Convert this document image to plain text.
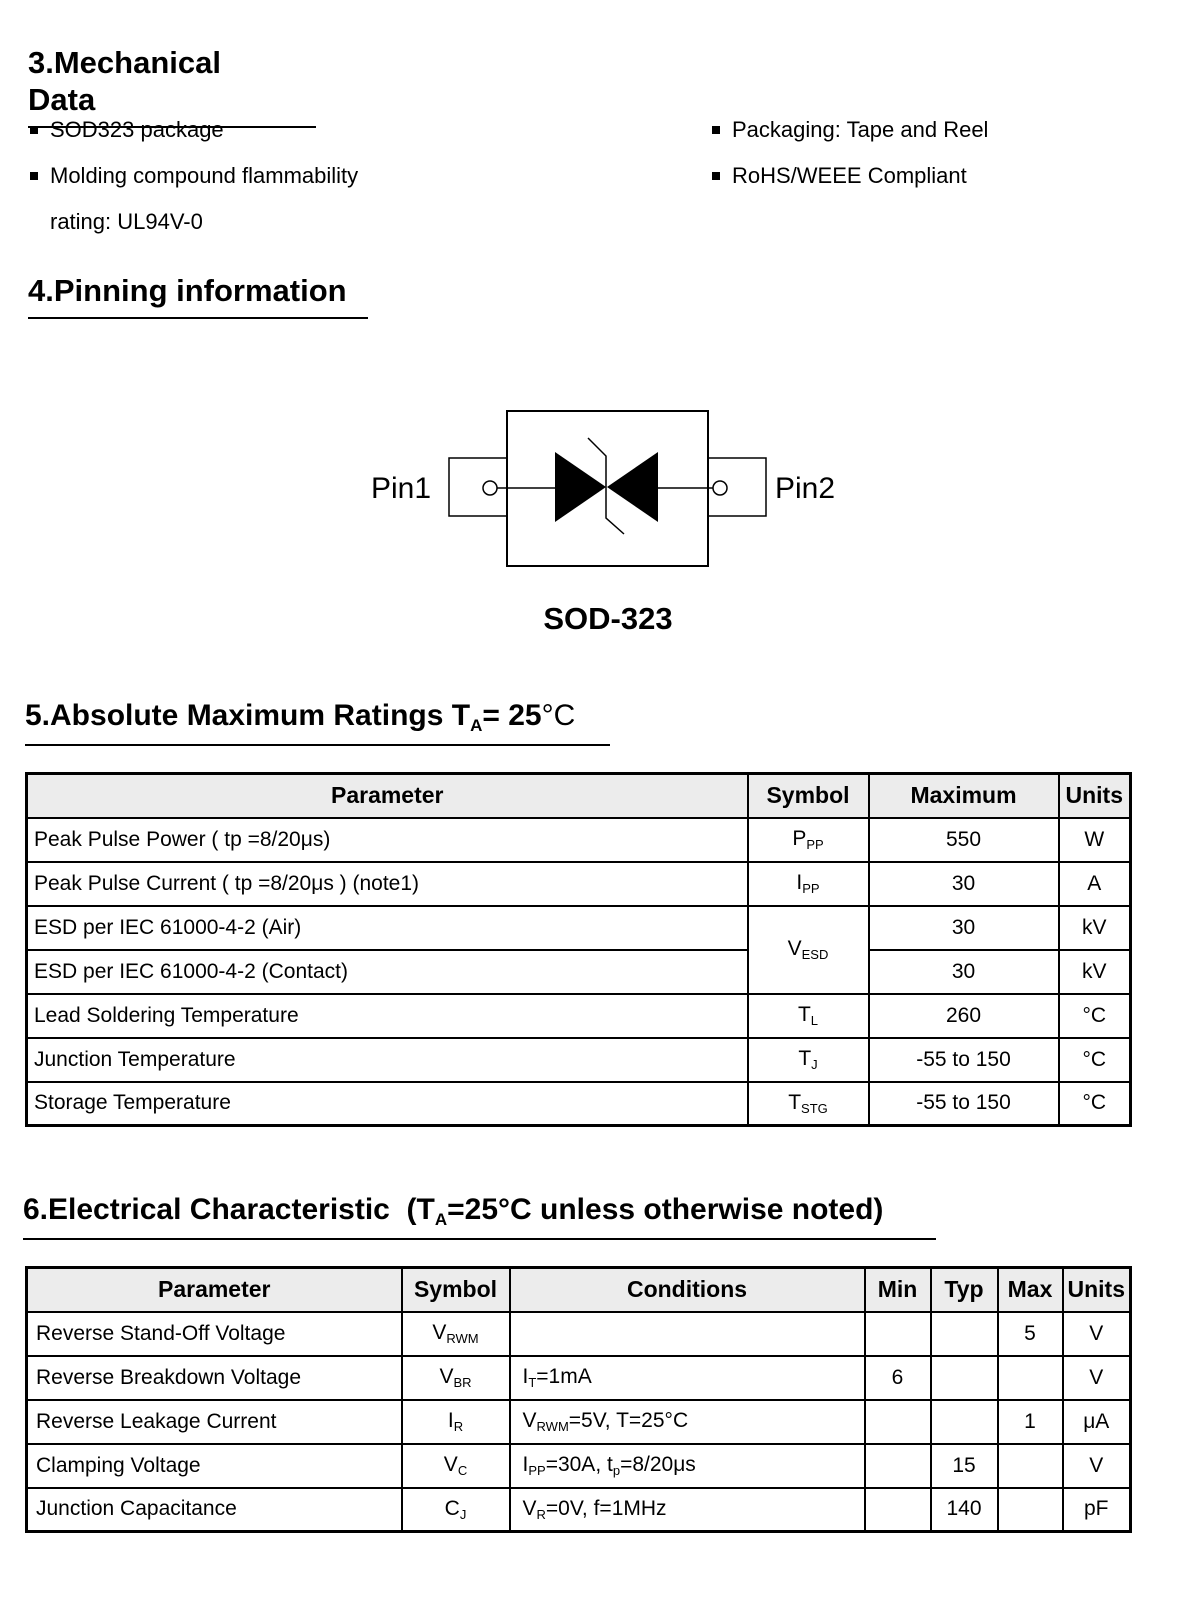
3.Mechanical Data
SOD323 package
Molding compound flammability
rating: UL94V-0
Packaging: Tape and Reel
RoHS/WEEE Compliant
4.Pinning information
Pin1	Pin2
SOD-323
5.Absolute Maximum Ratings $T_A= 25^\circ C$
Parameter	Symbol	Maximum	Units
Peak Pulse Power ( tp =8/20μs)	$P_{PP}$	550	W
Peak Pulse Current ( tp =8/20μs ) (note1)	$I_{PP}$	30	A
ESD per IEC 61000-4-2 (Air)	$V_{ESD}$	30	kV
ESD per IEC 61000-4-2 (Contact)		30	kV
Lead Soldering Temperature	$T_L$	260	°C
Junction Temperature	$T_J$	-55 to 150	°C
Storage Temperature	$T_{STG}$	-55 to 150	°C
6.Electrical Characteristic  ($T_A=25^\circ C$ unless otherwise noted)
Parameter	Symbol	Conditions	Min	Typ	Max	Units
Reverse Stand-Off Voltage	$V_{RWM}$				5	V
Reverse Breakdown Voltage	$V_{BR}$	$I_T=1mA$	6			V
Reverse Leakage Current	$I_R$	$V_{RWM}=5V$, T=25°C			1	μA
Clamping Voltage	$V_C$	$I_{PP}=30A$, $t_p=8/20\mu s$		15		V
Junction Capacitance	$C_J$	$V_R=0V$, f=1MHz		140		pF
